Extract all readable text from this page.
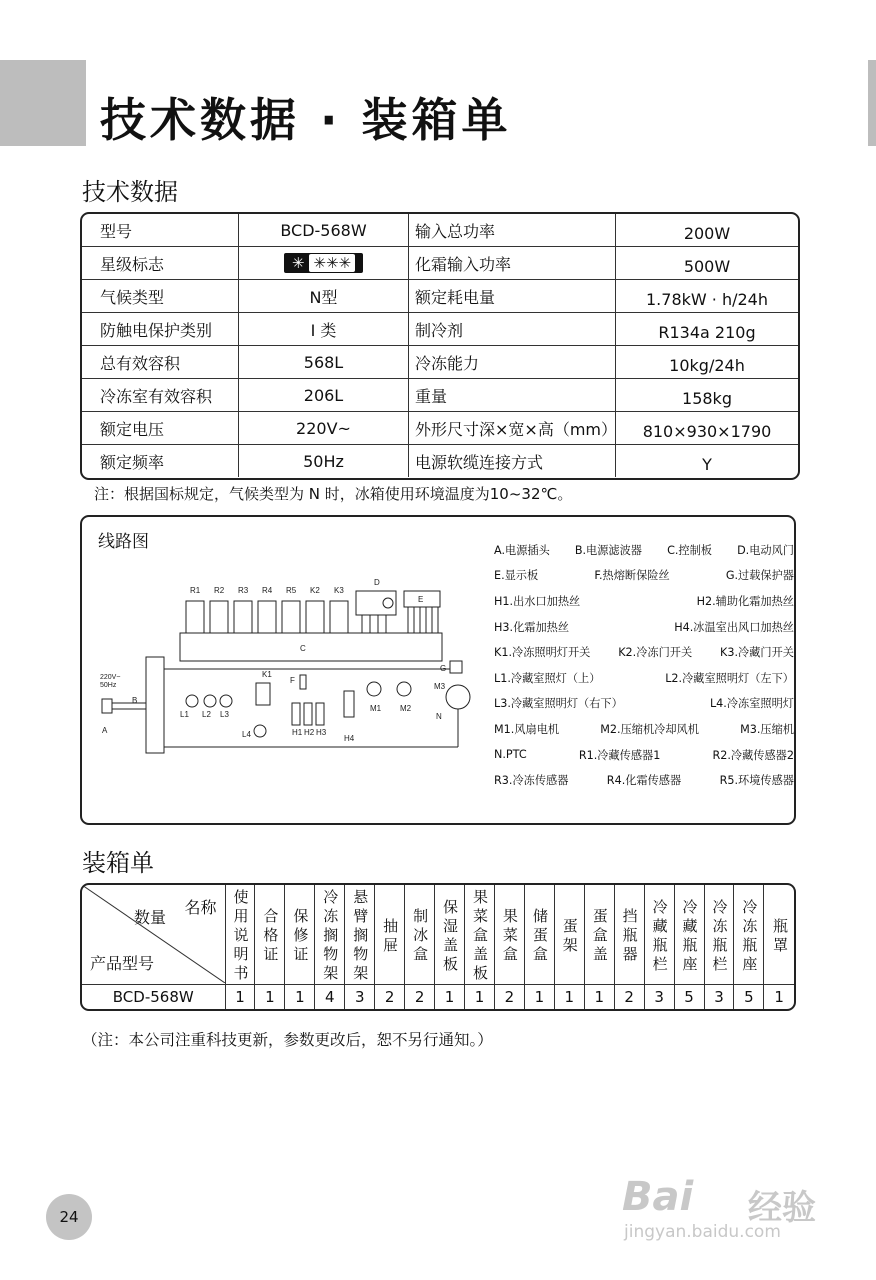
技术数据 · 装箱单
技术数据
型号	BCD-568W	输入总功率	200W
星级标志	✳ ✳✳✳	化霜输入功率	500W
气候类型	N型	额定耗电量	1.78kW · h/24h
防触电保护类别	Ⅰ 类	制冷剂	R134a 210g
总有效容积	568L	冷冻能力	10kg/24h
冷冻室有效容积	206L	重量	158kg
额定电压	220V~	外形尺寸深×宽×高（mm）	810×930×1790
额定频率	50Hz	电源软缆连接方式	Y
注：根据国标规定，气候类型为 N 时，冰箱使用环境温度为10~32℃。
线路图	A.电源插头 B.电源滤波器 C.控制板 D.电动风门
E.显示板	F.热熔断保险丝	G.过载保护器
H1.出水口加热丝	H2.辅助化霜加热丝
H3.化霜加热丝	H4.冰温室出风口加热丝
K1.冷冻照明灯开关 K2.冷冻门开关 K3.冷藏门开关
L1.冷藏室照灯（上）	L2.冷藏室照明灯（左下）
L3.冷藏室照明灯（右下）	L4.冷冻室照明灯
M1.风扇电机	M2.压缩机冷却风机	M3.压缩机
N.PTC	R1.冷藏传感器1	R2.冷藏传感器2
R3.冷冻传感器	R4.化霜传感器	R5.环境传感器
C
R1 R2 R3 R4 R5 K2 K3
D
E
B
A
220V~
50Hz
L1 L2 L3
K1
L4
F
H1 H2 H3
H4
M1 M2
G
M3
N
装箱单
名称
数量
产品型号	使用说明书	合格证	保修证	冷冻搁物架	悬臂搁物架	抽屉	制冰盒	保湿盖板	果菜盒盖板	果菜盒	储蛋盒	蛋架	蛋盒盖	挡瓶器	冷藏瓶栏	冷藏瓶座	冷冻瓶栏	冷冻瓶座	瓶罩
BCD-568W	1	1	1	4	3	2	2	1	1	2	1	1	1	2	3	5	3	5	1
（注：本公司注重科技更新，参数更改后，恕不另行通知。）
24	Bai 经验
jingyan.baidu.com
